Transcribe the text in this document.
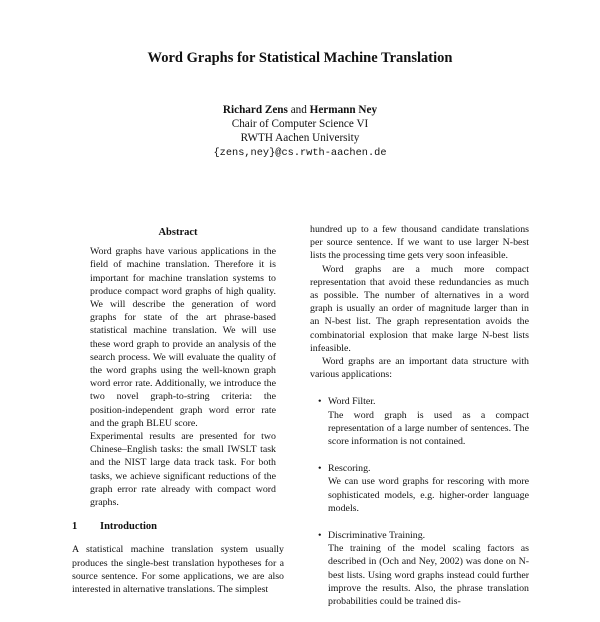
Word Graphs for Statistical Machine Translation
Richard Zens and Hermann Ney
Chair of Computer Science VI
RWTH Aachen University
{zens,ney}@cs.rwth-aachen.de
Abstract

Word graphs have various applications in the field of machine translation. Therefore it is important for machine translation systems to produce compact word graphs of high quality. We will describe the generation of word graphs for state of the art phrase-based statistical machine translation. We will use these word graph to provide an analysis of the search process. We will evaluate the quality of the word graphs using the well-known graph word error rate. Additionally, we introduce the two novel graph-to-string criteria: the position-independent graph word error rate and the graph BLEU score.

Experimental results are presented for two Chinese–English tasks: the small IWSLT task and the NIST large data track task. For both tasks, we achieve significant reductions of the graph error rate already with compact word graphs.

1 Introduction

A statistical machine translation system usually produces the single-best translation hypotheses for a source sentence. For some applications, we are also interested in alternative translations. The simplest

hundred up to a few thousand candidate translations per source sentence. If we want to use larger N-best lists the processing time gets very soon infeasible.

Word graphs are a much more compact representation that avoid these redundancies as much as possible. The number of alternatives in a word graph is usually an order of magnitude larger than in an N-best list. The graph representation avoids the combinatorial explosion that make large N-best lists infeasible.

Word graphs are an important data structure with various applications:

• Word Filter.
The word graph is used as a compact representation of a large number of sentences. The score information is not contained.
• Rescoring.
We can use word graphs for rescoring with more sophisticated models, e.g. higher-order language models.
• Discriminative Training.
The training of the model scaling factors as described in (Och and Ney, 2002) was done on N-best lists. Using word graphs instead could further improve the results. Also, the phrase translation probabilities could be trained dis-
